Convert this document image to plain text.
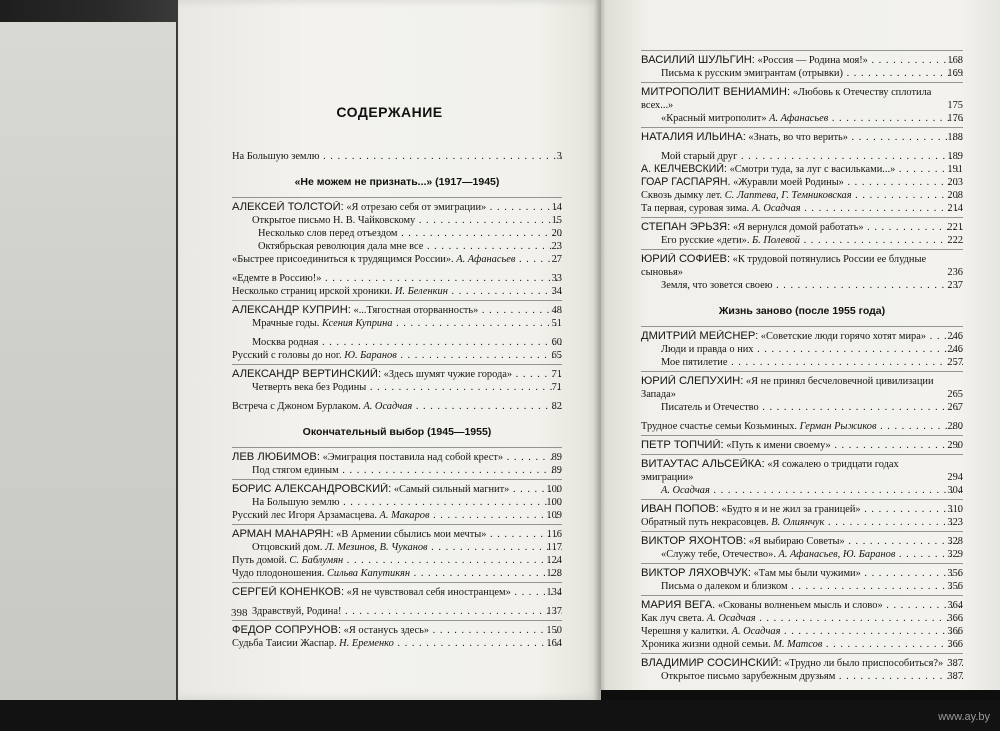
СОДЕРЖАНИЕ
398
На Большую землю . . .	3
«Не можем не признать...» (1917—1945)
АЛЕКСЕЙ ТОЛСТОЙ: «Я отрезаю себя от эмиграции» . . .	14
Открытое письмо Н. В. Чайковскому . . .	15
Несколько слов перед отъездом . . .	20
Октябрьская революция дала мне все . . .	23
«Быстрее присоединиться к трудящимся России». А. Афанасьев . . .	27
«Едемте в Россию!» . . .	33
Несколько страниц ирской хроники. И. Беленкин . . .	34
АЛЕКСАНДР КУПРИН: «...Тягостная оторванность» . . .	48
Мрачные годы. Ксения Куприна . . .	51
Москва родная . . .	60
Русский с головы до ног. Ю. Баранов . . .	65
АЛЕКСАНДР ВЕРТИНСКИЙ: «Здесь шумят чужие города» . . .	71
Четверть века без Родины . . .	71
Встреча с Джоном Бурлаком. А. Осадчая . . .	82
Окончательный выбор (1945—1955)
ЛЕВ ЛЮБИМОВ: «Эмиграция поставила над собой крест» . . .	89
Под стягом единым . . .	89
БОРИС АЛЕКСАНДРОВСКИЙ: «Самый сильный магнит» . . .	100
На Большую землю . . .	100
Русский лес Игоря Арзамасцева. А. Макаров . . .	109
АРМАН МАНАРЯН: «В Армении сбылись мои мечты» . . .	116
Отцовский дом. Л. Мезинов, В. Чуканов . . .	117
Путь домой. С. Баблумян . . .	124
Чудо плодоношения. Сильва Капутикян . . .	128
СЕРГЕЙ КОНЕНКОВ: «Я не чувствовал себя иностранцем» . . .	134
Здравствуй, Родина! . . .	137
ФЕДОР СОПРУНОВ: «Я останусь здесь» . . .	150
Судьба Таисии Жаспар. Н. Еременко . . .	164
ВАСИЛИЙ ШУЛЬГИН: «Россия — Родина моя!» . . .	168
Письма к русским эмигрантам (отрывки) . . .	169
МИТРОПОЛИТ ВЕНИАМИН: «Любовь к Отечеству сплотила всех...»	175
«Красный митрополит» А. Афанасьев . . .	176
НАТАЛИЯ ИЛЬИНА: «Знать, во что верить» . . .	188
Мой старый друг . . .	189
А. КЕЛЧЕВСКИЙ: «Смотри туда, за луг с васильками...» . . .	191
ГОАР ГАСПАРЯН. «Журавли моей Родины» . . .	203
Сквозь дымку лет. С. Лаптева, Г. Темниковская . . .	208
Та первая, суровая зима. А. Осадчая . . .	214
СТЕПАН ЭРЬЗЯ: «Я вернулся домой работать» . . .	221
Его русские «дети». Б. Полевой . . .	222
ЮРИЙ СОФИЕВ: «К трудовой потянулись России ее блудные сыновья»	236
Земля, что зовется своею . . .	237
Жизнь заново (после 1955 года)
ДМИТРИЙ МЕЙСНЕР: «Советские люди горячо хотят мира» . . .	246
Люди и правда о них . . .	246
Мое пятилетие . . .	257
ЮРИЙ СЛЕПУХИН: «Я не принял бесчеловечной цивилизации Запада»	265
Писатель и Отечество . . .	267
Трудное счастье семьи Козьминых. Герман Рыжиков . . .	280
ПЕТР ТОПЧИЙ: «Путь к имени своему» . . .	290
ВИТАУТАС АЛЬСЕЙКА: «Я сожалею о тридцати годах эмиграции»	294
А. Осадчая . . .	304
ИВАН ПОПОВ: «Будто я и не жил за границей» . . .	310
Обратный путь некрасовцев. В. Олиянчук . . .	323
ВИКТОР ЯХОНТОВ: «Я выбираю Советы» . . .	328
«Служу тебе, Отечество». А. Афанасьев, Ю. Баранов . . .	329
ВИКТОР ЛЯХОВЧУК: «Там мы были чужими» . . .	356
Письма о далеком и близком . . .	356
МАРИЯ ВЕГА. «Скованы волненьем мысль и слово» . . .	364
Как луч света. А. Осадчая . . .	366
Черешня у калитки. А. Осадчая . . .	366
Хроника жизни одной семьи. М. Матсов . . .	366
ВЛАДИМИР СОСИНСКИЙ: «Трудно ли было приспособиться?» . . . 387
Открытое письмо зарубежным друзьям . . .	387
www.ay.by
